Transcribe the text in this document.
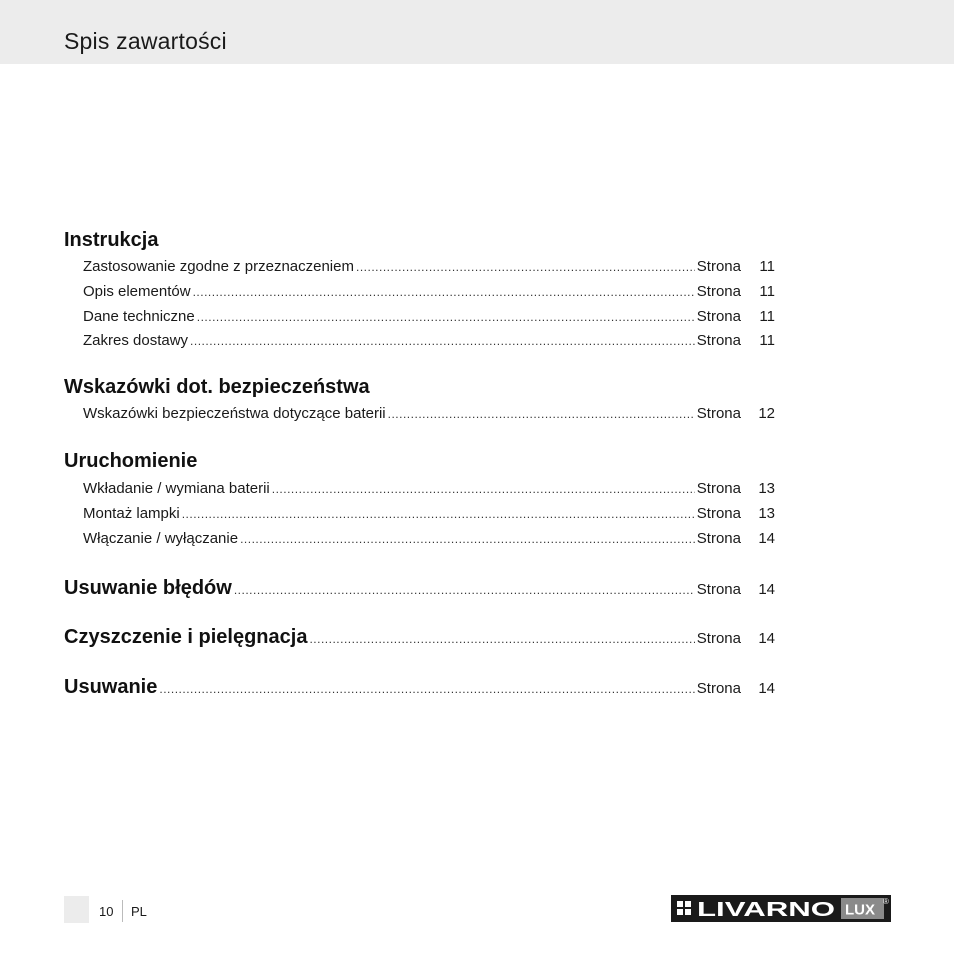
Spis zawartości
Instrukcja
Zastosowanie zgodne z przeznaczeniem .....	Strona	11
Opis elementów .....	Strona	11
Dane techniczne .....	Strona	11
Zakres dostawy .....	Strona	11
Wskazówki dot. bezpieczeństwa
Wskazówki bezpieczeństwa dotyczące baterii .....	Strona	12
Uruchomienie
Wkładanie / wymiana baterii .....	Strona	13
Montaż lampki .....	Strona	13
Włączanie / wyłączanie .....	Strona	14
Usuwanie błędów .....	Strona	14
Czyszczenie i pielęgnacja .....	Strona	14
Usuwanie .....	Strona	14
10 PL	LIVARNO LUX ®
